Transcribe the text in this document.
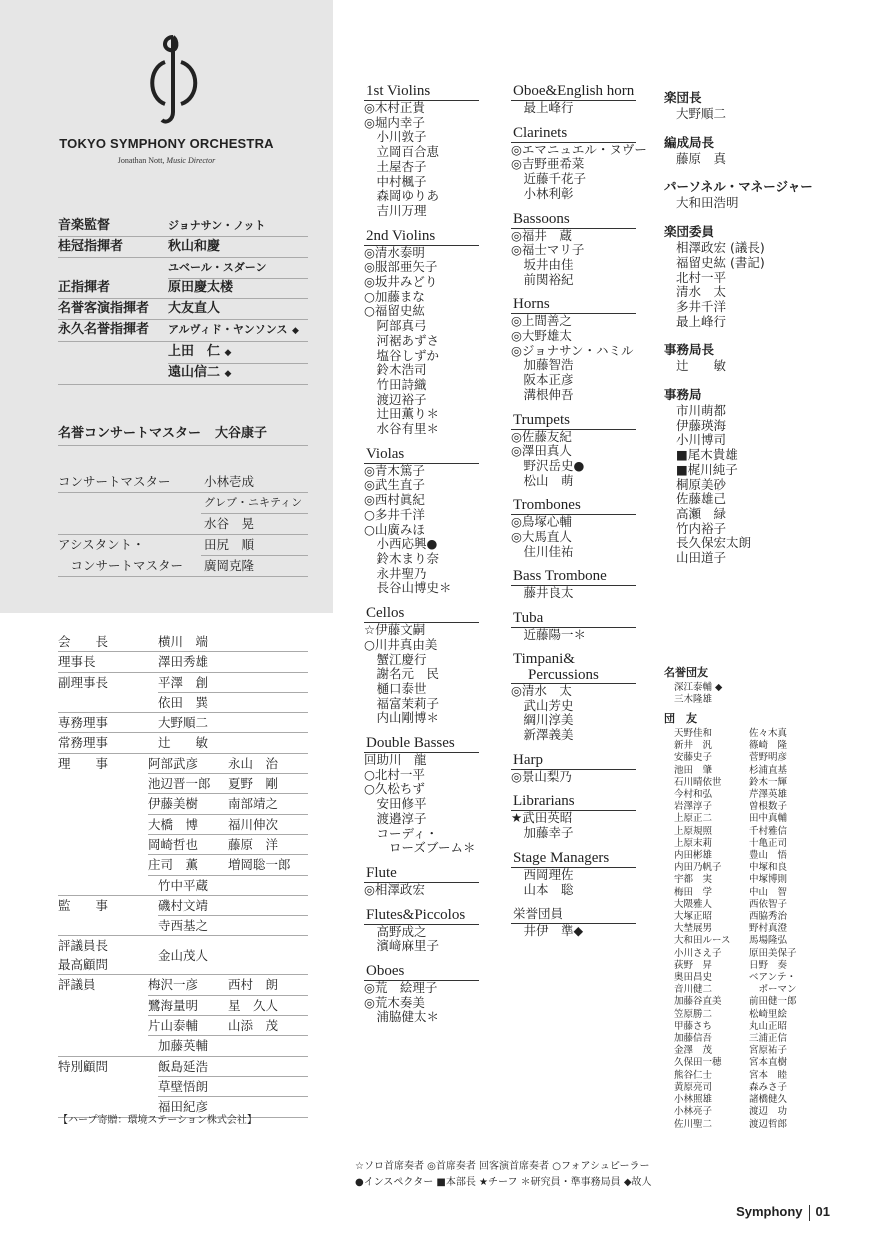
TOKYO SYMPHONY ORCHESTRA
Jonathan Nott, Music Director
音楽監督	ジョナサン・ノット
桂冠指揮者	秋山和慶
ユベール・スダーン
正指揮者	原田慶太楼
名誉客演指揮者	大友直人
永久名誉指揮者	アルヴィド・ヤンソンス ◆
上田　仁 ◆
遠山信二 ◆
名誉コンサートマスター 大谷康子
コンサートマスター	小林壱成
グレブ・ニキティン
水谷　晃
アシスタント・	田尻　順
　コンサートマスター	廣岡克隆
会　　長	横川　端
理事長	澤田秀雄
副理事長	平澤　創
依田　巽
専務理事	大野順二
常務理事	辻　　敏
理　　事	阿部武彦	永山　治
池辺晋一郎	夏野　剛
伊藤美樹	南部靖之
大橋　博	福川伸次
岡崎哲也	藤原　洋
庄司　薫	増岡聡一郎
竹中平蔵
監　　事	磯村文靖
寺西基之
評議員長
最高顧問
金山茂人
評議員	梅沢一彦	西村　朗
鷺海量明	星　久人
片山泰輔	山添　茂
加藤英輔
特別顧問	飯島延浩
草壁悟朗
福田紀彦
【ハープ寄贈：環境ステーション株式会社】
1st Violins
◎木村正貴
◎堀内幸子
　小川敦子
　立岡百合恵
　土屋杏子
　中村楓子
　森岡ゆりあ
　吉川万理
2nd Violins
◎清水泰明
◎服部亜矢子
◎坂井みどり
○加藤まな
○福留史紘
　阿部真弓
　河裾あずさ
　塩谷しずか
　鈴木浩司
　竹田詩織
　渡辺裕子
　辻田薫り＊
　水谷有里＊
Violas
◎青木篤子
◎武生直子
◎西村眞紀
○多井千洋
○山廣みほ
　小西応興●
　鈴木まり奈
　永井聖乃
　長谷山博史＊
Cellos
☆伊藤文嗣
○川井真由美
　蟹江慶行
　謝名元　民
　樋口泰世
　福富茉莉子
　内山剛博＊
Double Basses
回助川　龍
○北村一平
○久松ちず
　安田修平
　渡邉淳子
　コーディ・
　　ローズブーム＊
Flute
◎相澤政宏
Flutes&Piccolos
　高野成之
　濱﨑麻里子
Oboes
◎荒　絵理子
◎荒木奏美
　浦脇健太＊
Oboe&English horn
　最上峰行
Clarinets
◎エマニュエル・ヌヴー
◎吉野亜希菜
　近藤千花子
　小林利彰
Bassoons
◎福井　蔵
◎福士マリ子
　坂井由佳
　前関裕紀
Horns
◎上間善之
◎大野雄太
◎ジョナサン・ハミル
　加藤智浩
　阪本正彦
　溝根伸吾
Trumpets
◎佐藤友紀
◎澤田真人
　野沢岳史●
　松山　萌
Trombones
◎鳥塚心輔
◎大馬直人
　住川佳祐
Bass Trombone
　藤井良太
Tuba
　近藤陽一＊
Timpani&
　Percussions
◎清水　太
　武山芳史
　綱川淳美
　新澤義美
Harp
◎景山梨乃
Librarians
★武田英昭
　加藤幸子
Stage Managers
　西岡理佐
　山本　聡
栄誉団員
　井伊　準◆
楽団長
大野順二
編成局長
藤原　真
パーソネル・マネージャー
大和田浩明
楽団委員
相澤政宏 (議長)
福留史紘 (書記)
北村一平
清水　太
多井千洋
最上峰行
事務局長
辻　　敏
事務局
市川萌都
伊藤瑛海
小川博司
■尾木貴雄
■梶川純子
桐原美砂
佐藤雄己
高瀬　緑
竹内裕子
長久保宏太朗
山田道子
名誉団友
深江泰輔 ◆
三木隆雄
団　友
天野佳和
新井　汎
安藤史子
池田　肇
石川晴依世
今村和弘
岩澤淳子
上原正二
上原規照
上原末莉
内田彬雄
内田乃帆子
宇都　実
梅田　学
大隈雅人
大塚正昭
大埜展男
大和田ルース
小川さえ子
荻野　昇
奥田昌史
音川健二
加藤谷直美
笠原勝二
甲藤さち
加藤信吾
金澤　茂
久保田一穂
熊谷仁士
黄原亮司
小林照雄
小林亮子
佐川聖二
佐々木真
篠崎　隆
菅野明彦
杉浦直基
鈴木一輝
芹澤英雄
曽根数子
田中真輔
千村雅信
十亀正司
豊山　悟
中塚和良
中塚博則
中山　智
西依智子
西脇秀治
野村真澄
馬場隆弘
原田美保子
日野　奏
ベアンテ・
　ボーマン
前田健一郎
松崎里絵
丸山正昭
三浦正信
宮原祐子
宮本直樹
宮本　睦
森みさ子
諸橋健久
渡辺　功
渡辺哲郎
☆ソロ首席奏者 ◎首席奏者 回客演首席奏者 ○フォアシュピーラー
●インスペクター ■本部長 ★チーフ ＊研究員・準事務局員 ◆故人
Symphony 01
